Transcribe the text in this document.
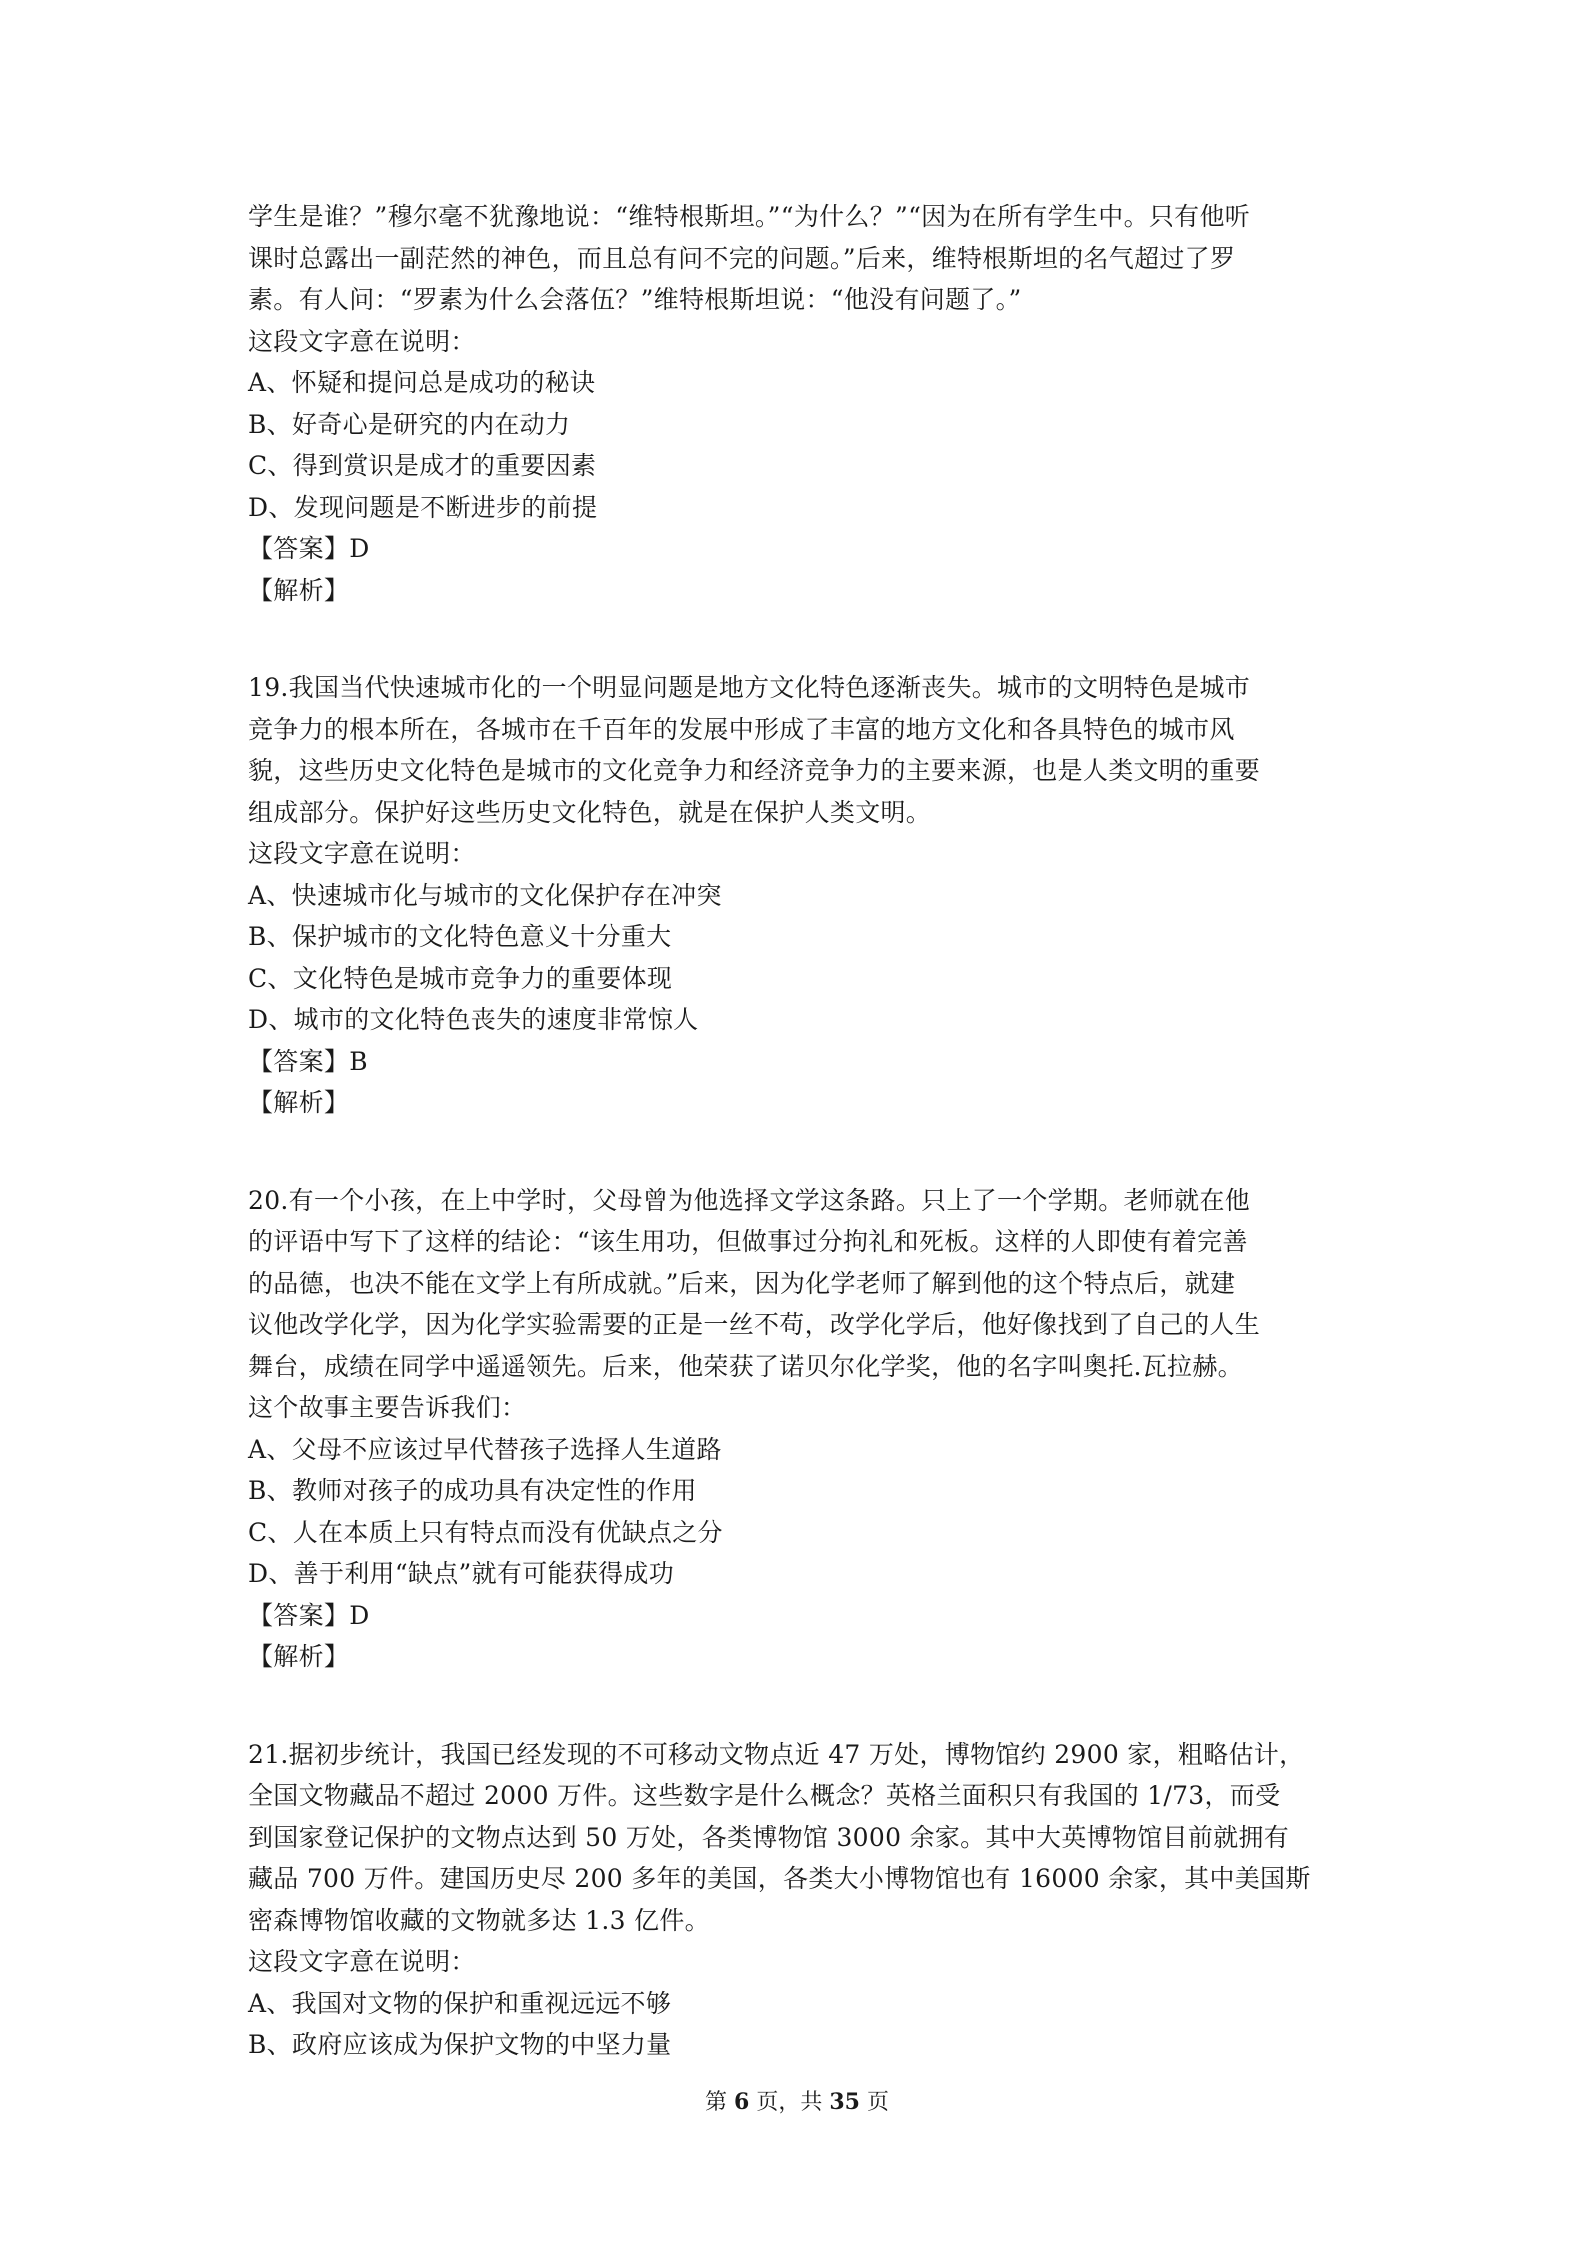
学生是谁？”穆尔毫不犹豫地说：“维特根斯坦。”“为什么？”“因为在所有学生中。只有他听
课时总露出一副茫然的神色，而且总有问不完的问题。”后来，维特根斯坦的名气超过了罗
素。有人问：“罗素为什么会落伍？”维特根斯坦说：“他没有问题了。”
这段文字意在说明：
A、怀疑和提问总是成功的秘诀
B、好奇心是研究的内在动力
C、得到赏识是成才的重要因素
D、发现问题是不断进步的前提
【答案】D
【解析】
19.我国当代快速城市化的一个明显问题是地方文化特色逐渐丧失。城市的文明特色是城市
竞争力的根本所在，各城市在千百年的发展中形成了丰富的地方文化和各具特色的城市风
貌，这些历史文化特色是城市的文化竞争力和经济竞争力的主要来源，也是人类文明的重要
组成部分。保护好这些历史文化特色，就是在保护人类文明。
这段文字意在说明：
A、快速城市化与城市的文化保护存在冲突
B、保护城市的文化特色意义十分重大
C、文化特色是城市竞争力的重要体现
D、城市的文化特色丧失的速度非常惊人
【答案】B
【解析】
20.有一个小孩，在上中学时，父母曾为他选择文学这条路。只上了一个学期。老师就在他
的评语中写下了这样的结论：“该生用功，但做事过分拘礼和死板。这样的人即使有着完善
的品德，也决不能在文学上有所成就。”后来，因为化学老师了解到他的这个特点后，就建
议他改学化学，因为化学实验需要的正是一丝不苟，改学化学后，他好像找到了自己的人生
舞台，成绩在同学中遥遥领先。后来，他荣获了诺贝尔化学奖，他的名字叫奥托.瓦拉赫。
这个故事主要告诉我们：
A、父母不应该过早代替孩子选择人生道路
B、教师对孩子的成功具有决定性的作用
C、人在本质上只有特点而没有优缺点之分
D、善于利用“缺点”就有可能获得成功
【答案】D
【解析】
21.据初步统计，我国已经发现的不可移动文物点近 47 万处，博物馆约 2900 家，粗略估计，
全国文物藏品不超过 2000 万件。这些数字是什么概念？英格兰面积只有我国的 1/73，而受
到国家登记保护的文物点达到 50 万处，各类博物馆 3000 余家。其中大英博物馆目前就拥有
藏品 700 万件。建国历史尽 200 多年的美国，各类大小博物馆也有 16000 余家，其中美国斯
密森博物馆收藏的文物就多达 1.3 亿件。
这段文字意在说明：
A、我国对文物的保护和重视远远不够
B、政府应该成为保护文物的中坚力量
第 6 页，共 35 页
